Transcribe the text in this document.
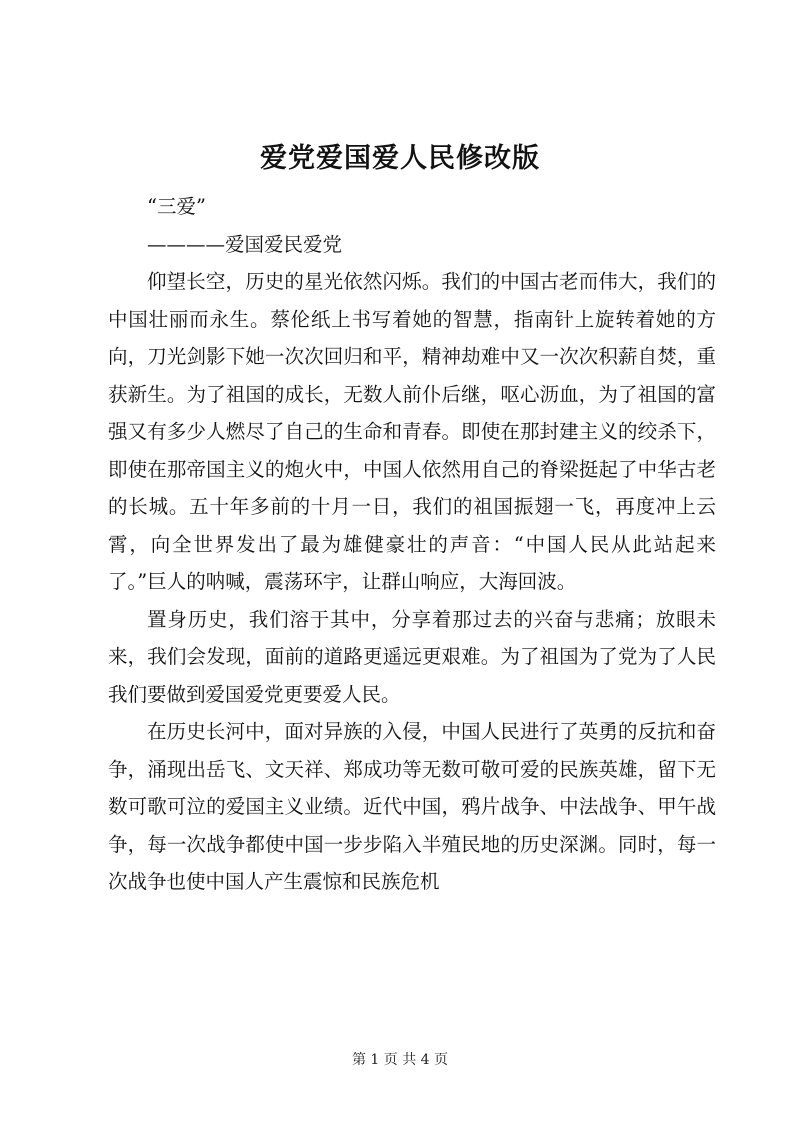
爱党爱国爱人民修改版

“三爱”

————爱国爱民爱党

仰望长空，历史的星光依然闪烁。我们的中国古老而伟大，我们的中国壮丽而永生。蔡伦纸上书写着她的智慧，指南针上旋转着她的方向，刀光剑影下她一次次回归和平，精神劫难中又一次次积薪自焚，重获新生。为了祖国的成长，无数人前仆后继，呕心沥血，为了祖国的富强又有多少人燃尽了自己的生命和青春。即使在那封建主义的绞杀下，即使在那帝国主义的炮火中，中国人依然用自己的脊梁挺起了中华古老的长城。五十年多前的十月一日，我们的祖国振翅一飞，再度冲上云霄，向全世界发出了最为雄健豪壮的声音：“中国人民从此站起来了。”巨人的呐喊，震荡环宇，让群山响应，大海回波。

置身历史，我们溶于其中，分享着那过去的兴奋与悲痛；放眼未来，我们会发现，面前的道路更遥远更艰难。为了祖国为了党为了人民我们要做到爱国爱党更要爱人民。

在历史长河中，面对异族的入侵，中国人民进行了英勇的反抗和奋争，涌现出岳飞、文天祥、郑成功等无数可敬可爱的民族英雄，留下无数可歌可泣的爱国主义业绩。近代中国，鸦片战争、中法战争、甲午战争，每一次战争都使中国一步步陷入半殖民地的历史深渊。同时，每一次战争也使中国人产生震惊和民族危机

第 1 页 共 4 页
